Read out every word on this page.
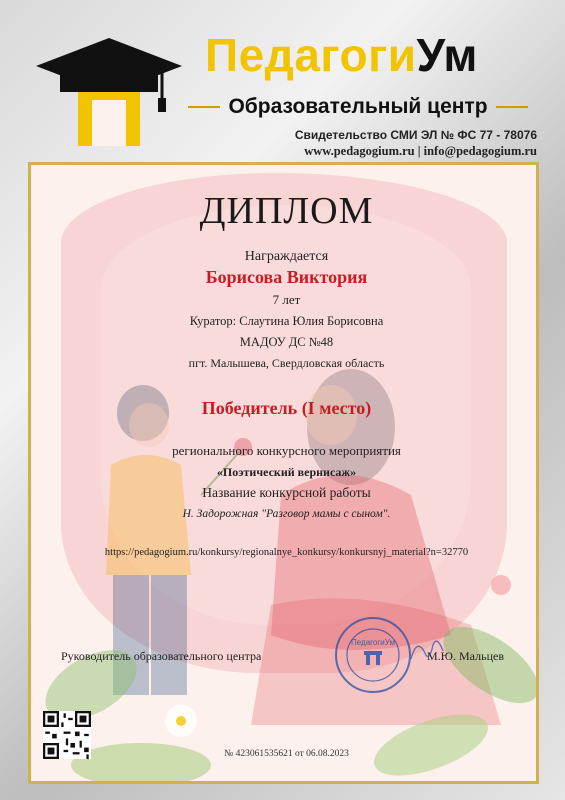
ПедагогиУм
Образовательный центр
Свидетельство СМИ ЭЛ № ФС 77 - 78076
www.pedagogium.ru | info@pedagogium.ru
ДИПЛОМ
Награждается
Борисова Виктория
7 лет
Куратор: Слаутина Юлия Борисовна
МАДОУ ДС №48
пгт. Малышева, Свердловская область
Победитель (I место)
регионального конкурсного мероприятия
«Поэтический вернисаж»
Название конкурсной работы
Н. Задорожная "Разговор мамы с сыном".
https://pedagogium.ru/konkursy/regionalnye_konkursy/konkursnyj_material?n=32770
Руководитель образовательного центра	М.Ю. Мальцев
№ 423061535621 от 06.08.2023
ПедагогиУм
